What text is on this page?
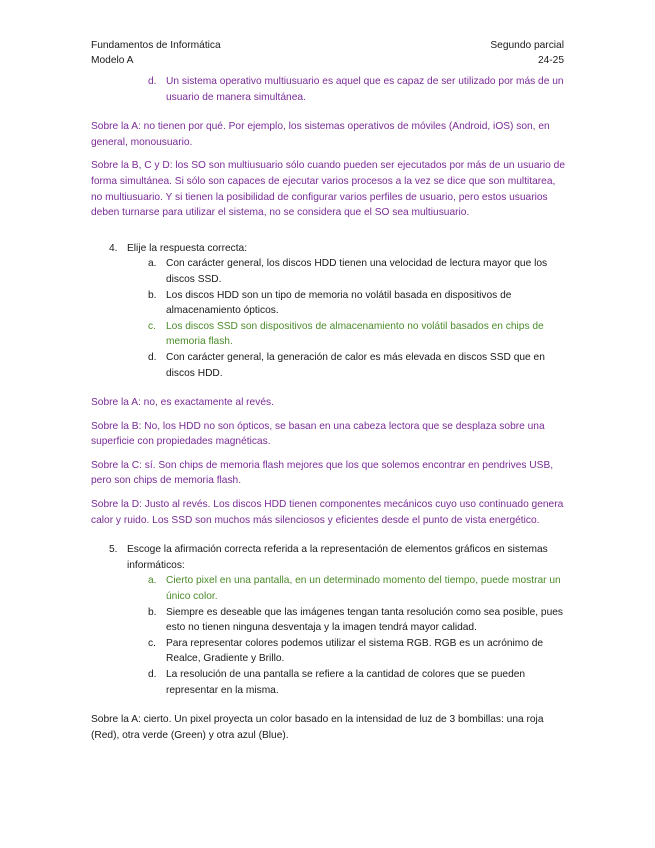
Fundamentos de Informática
Modelo A
Segundo parcial
24-25
d. Un sistema operativo multiusuario es aquel que es capaz de ser utilizado por más de un usuario de manera simultánea.

Sobre la A: no tienen por qué. Por ejemplo, los sistemas operativos de móviles (Android, iOS) son, en general, monousuario.

Sobre la B, C y D: los SO son multiusuario sólo cuando pueden ser ejecutados por más de un usuario de forma simultánea. Si sólo son capaces de ejecutar varios procesos a la vez se dice que son multitarea, no multiusuario. Y si tienen la posibilidad de configurar varios perfiles de usuario, pero estos usuarios deben turnarse para utilizar el sistema, no se considera que el SO sea multiusuario.

4. Elije la respuesta correcta:
a. Con carácter general, los discos HDD tienen una velocidad de lectura mayor que los discos SSD.
b. Los discos HDD son un tipo de memoria no volátil basada en dispositivos de almacenamiento ópticos.
c. Los discos SSD son dispositivos de almacenamiento no volátil basados en chips de memoria flash.
d. Con carácter general, la generación de calor es más elevada en discos SSD que en discos HDD.

Sobre la A: no, es exactamente al revés.

Sobre la B: No, los HDD no son ópticos, se basan en una cabeza lectora que se desplaza sobre una superficie con propiedades magnéticas.

Sobre la C: sí. Son chips de memoria flash mejores que los que solemos encontrar en pendrives USB, pero son chips de memoria flash.

Sobre la D: Justo al revés. Los discos HDD tienen componentes mecánicos cuyo uso continuado genera calor y ruido. Los SSD son muchos más silenciosos y eficientes desde el punto de vista energético.

5. Escoge la afirmación correcta referida a la representación de elementos gráficos en sistemas informáticos:
a. Cierto pixel en una pantalla, en un determinado momento del tiempo, puede mostrar un único color.
b. Siempre es deseable que las imágenes tengan tanta resolución como sea posible, pues esto no tienen ninguna desventaja y la imagen tendrá mayor calidad.
c. Para representar colores podemos utilizar el sistema RGB. RGB es un acrónimo de Realce, Gradiente y Brillo.
d. La resolución de una pantalla se refiere a la cantidad de colores que se pueden representar en la misma.

Sobre la A: cierto. Un pixel proyecta un color basado en la intensidad de luz de 3 bombillas: una roja (Red), otra verde (Green) y otra azul (Blue).
